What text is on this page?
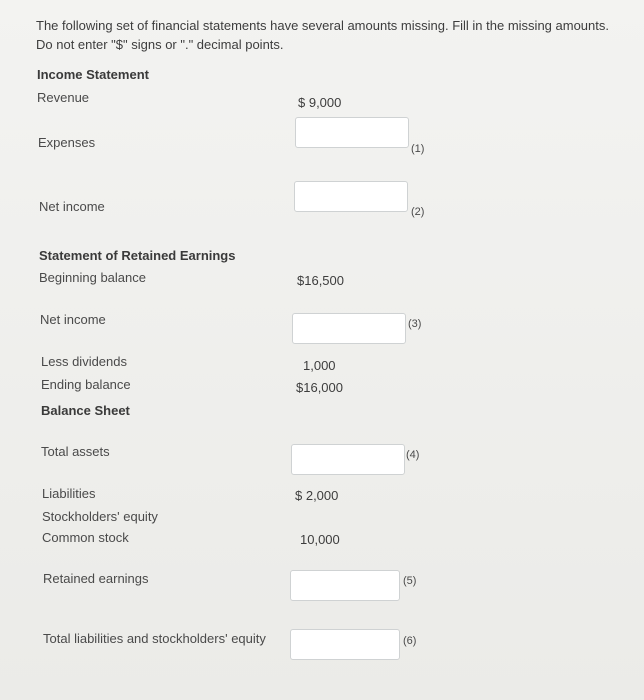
The following set of financial statements have several amounts missing. Fill in the missing amounts.
Do not enter "$" signs or "." decimal points.
Income Statement
Revenue	$ 9,000
Expenses	(1)
Net income	(2)
Statement of Retained Earnings
Beginning balance	$16,500
Net income	(3)
Less dividends	1,000
Ending balance	$16,000
Balance Sheet
Total assets	(4)
Liabilities	$ 2,000
Stockholders' equity
Common stock	10,000
Retained earnings	(5)
Total liabilities and stockholders' equity	(6)
